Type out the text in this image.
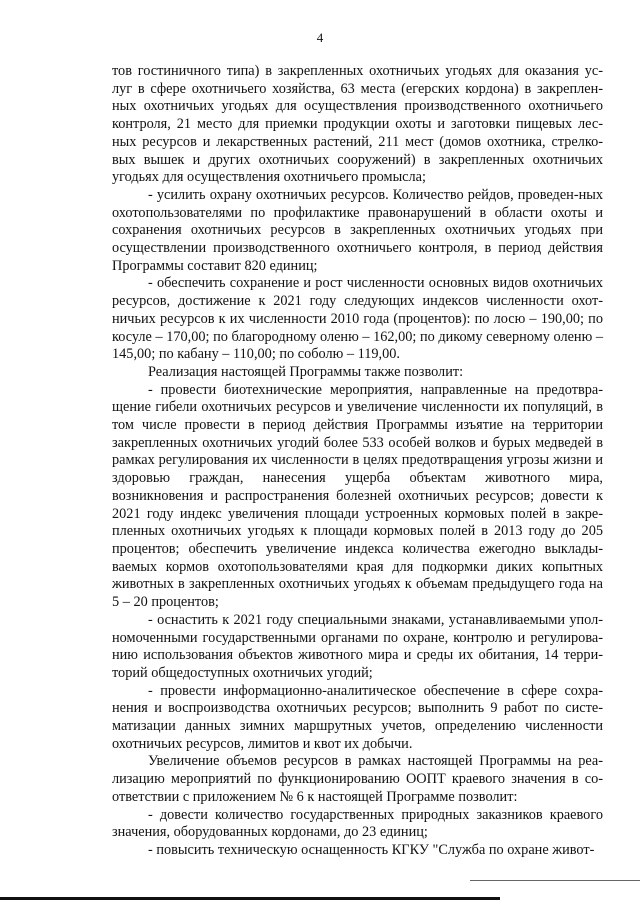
4

тов гостиничного типа) в закрепленных охотничьих угодьях для оказания ус-луг в сфере охотничьего хозяйства, 63 места (егерских кордона) в закреплен-ных охотничьих угодьях для осуществления производственного охотничьего контроля, 21 место для приемки продукции охоты и заготовки пищевых лес-ных ресурсов и лекарственных растений, 211 мест (домов охотника, стрелко-вых вышек и других охотничьих сооружений) в закрепленных охотничьих угодьях для осуществления охотничьего промысла;

- усилить охрану охотничьих ресурсов. Количество рейдов, проведен-ных охотопользователями по профилактике правонарушений в области охоты и сохранения охотничьих ресурсов в закрепленных охотничьих угодьях при осуществлении производственного охотничьего контроля, в период действия Программы составит 820 единиц;

- обеспечить сохранение и рост численности основных видов охотничьих ресурсов, достижение к 2021 году следующих индексов численности охот-ничьих ресурсов к их численности 2010 года (процентов): по лосю – 190,00; по косуле – 170,00; по благородному оленю – 162,00; по дикому северному оленю – 145,00; по кабану – 110,00; по соболю – 119,00.

Реализация настоящей Программы также позволит:

- провести биотехнические мероприятия, направленные на предотвра-щение гибели охотничьих ресурсов и увеличение численности их популяций, в том числе провести в период действия Программы изъятие на территории закрепленных охотничьих угодий более 533 особей волков и бурых медведей в рамках регулирования их численности в целях предотвращения угрозы жизни и здоровью граждан, нанесения ущерба объектам животного мира, возникновения и распространения болезней охотничьих ресурсов; довести к 2021 году индекс увеличения площади устроенных кормовых полей в закре-пленных охотничьих угодьях к площади кормовых полей в 2013 году до 205 процентов; обеспечить увеличение индекса количества ежегодно выклады-ваемых кормов охотопользователями края для подкормки диких копытных животных в закрепленных охотничьих угодьях к объемам предыдущего года на 5 – 20 процентов;

- оснастить к 2021 году специальными знаками, устанавливаемыми упол-номоченными государственными органами по охране, контролю и регулирова-нию использования объектов животного мира и среды их обитания, 14 терри-торий общедоступных охотничьих угодий;

- провести информационно-аналитическое обеспечение в сфере сохра-нения и воспроизводства охотничьих ресурсов; выполнить 9 работ по систе-матизации данных зимних маршрутных учетов, определению численности охотничьих ресурсов, лимитов и квот их добычи.

Увеличение объемов ресурсов в рамках настоящей Программы на реа-лизацию мероприятий по функционированию ООПТ краевого значения в со-ответствии с приложением № 6 к настоящей Программе позволит:

- довести количество государственных природных заказников краевого значения, оборудованных кордонами, до 23 единиц;

- повысить техническую оснащенность КГКУ "Служба по охране живот-
